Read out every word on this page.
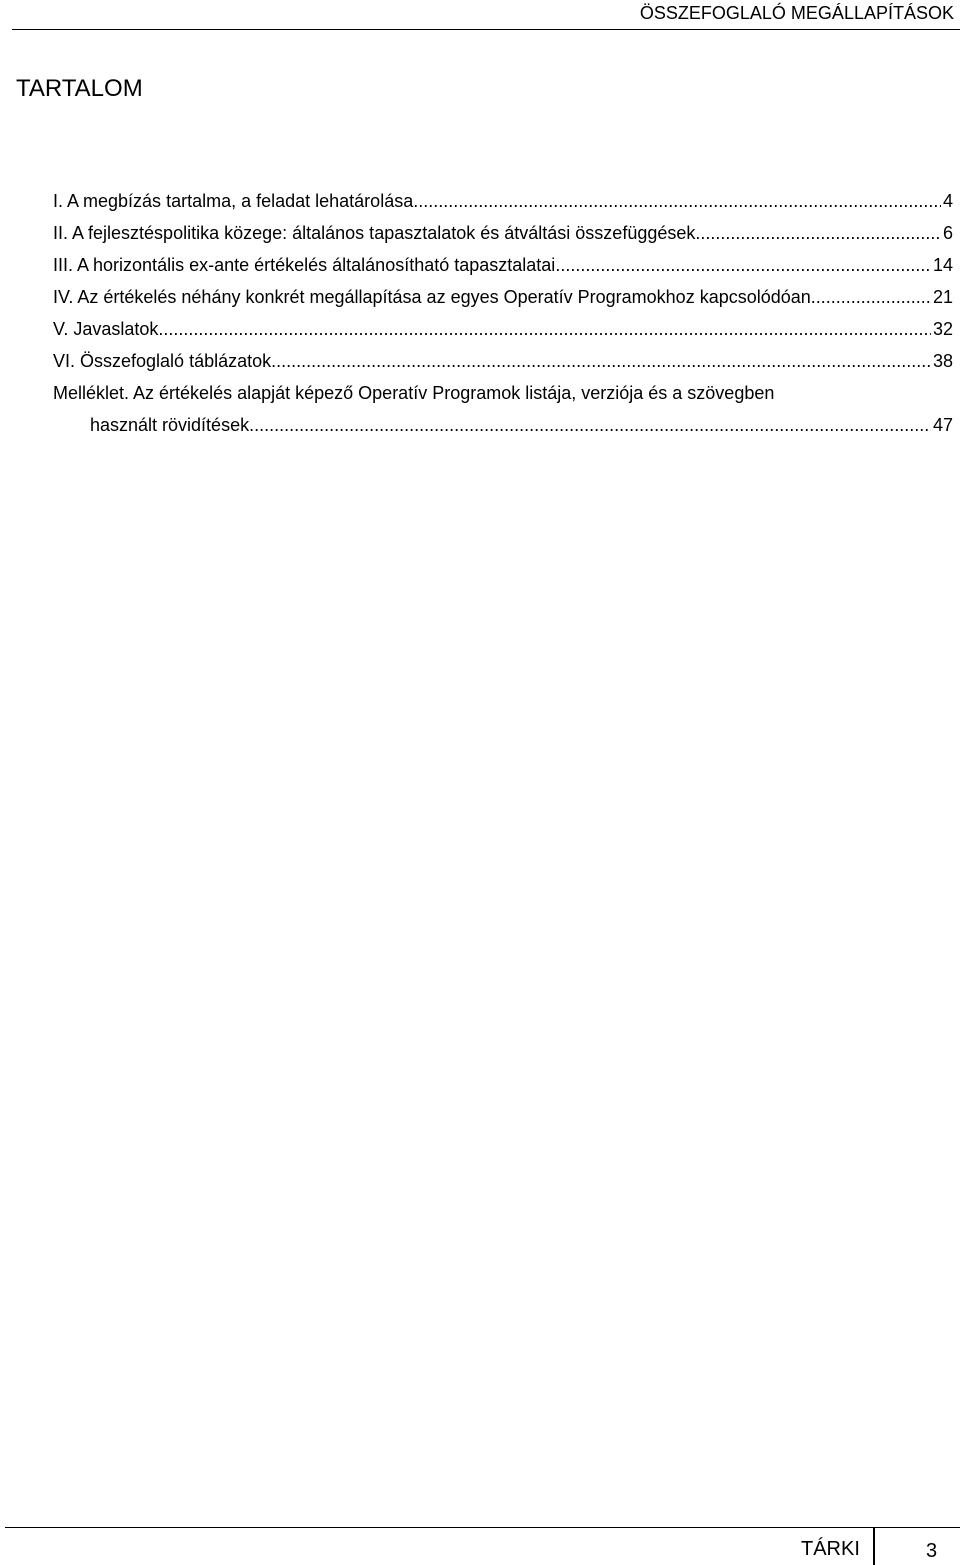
ÖSSZEFOGLALÓ MEGÁLLAPÍTÁSOK
TARTALOM
I. A megbízás tartalma, a feladat lehatárolása .....	4
II. A fejlesztéspolitika közege: általános tapasztalatok és átváltási összefüggések .....	6
III. A horizontális ex-ante értékelés általánosítható tapasztalatai .....	14
IV. Az értékelés néhány konkrét megállapítása az egyes Operatív Programokhoz kapcsolódóan .....	21
V. Javaslatok .....	32
VI. Összefoglaló táblázatok .....	38
Melléklet. Az értékelés alapját képező Operatív Programok listája, verziója és a szövegben
használt rövidítések .....	47
TÁRKI	3
